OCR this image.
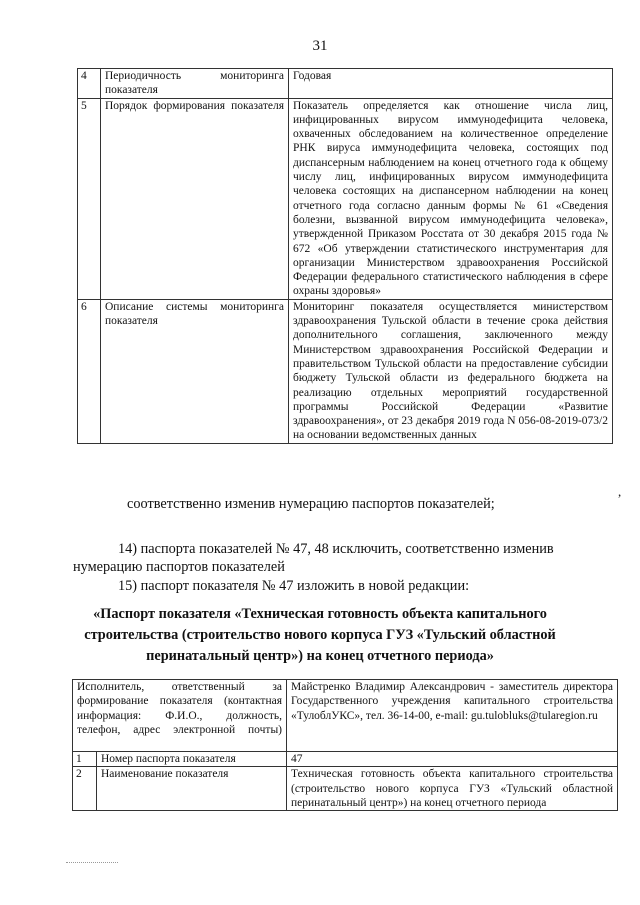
31
4	Периодичность мониторинга показателя	Годовая
5	Порядок формирования показателя	Показатель определяется как отношение числа лиц, инфицированных вирусом иммунодефицита человека, охваченных обследованием на количественное определение РНК вируса иммунодефицита человека, состоящих под диспансерным наблюдением на конец отчетного года к общему числу лиц, инфицированных вирусом иммунодефицита человека состоящих на диспансерном наблюдении на конец отчетного года согласно данным формы № 61 «Сведения болезни, вызванной вирусом иммунодефицита человека», утвержденной Приказом Росстата от 30 декабря 2015 года № 672 «Об утверждении статистического инструментария для организации Министерством здравоохранения Российской Федерации федерального статистического наблюдения в сфере охраны здоровья»
6	Описание системы мониторинга показателя	Мониторинг показателя осуществляется министерством здравоохранения Тульской области в течение срока действия дополнительного соглашения, заключенного между Министерством здравоохранения Российской Федерации и правительством Тульской области на предоставление субсидии бюджету Тульской области из федерального бюджета на реализацию отдельных мероприятий государственной программы Российской Федерации «Развитие здравоохранения», от 23 декабря 2019 года N 056-08-2019-073/2 на основании ведомственных данных
,
соответственно изменив нумерацию паспортов показателей;
14) паспорта показателей № 47, 48 исключить, соответственно изменив
нумерацию паспортов показателей
15) паспорт показателя № 47 изложить в новой редакции:
«Паспорт показателя «Техническая готовность объекта капитального
строительства (строительство нового корпуса ГУЗ «Тульский областной
перинатальный центр») на конец отчетного периода»
Исполнитель, ответственный за формирование показателя (контактная информация: Ф.И.О., должность, телефон, адрес электронной почты)		Майстренко Владимир Александрович - заместитель директора Государственного учреждения капитального строительства «ТулоблУКС», тел. 36-14-00, e-mail: gu.tulobluks@tularegion.ru
1	Номер паспорта показателя	47
2	Наименование показателя	Техническая готовность объекта капитального строительства (строительство нового корпуса ГУЗ «Тульский областной перинатальный центр») на конец отчетного периода
